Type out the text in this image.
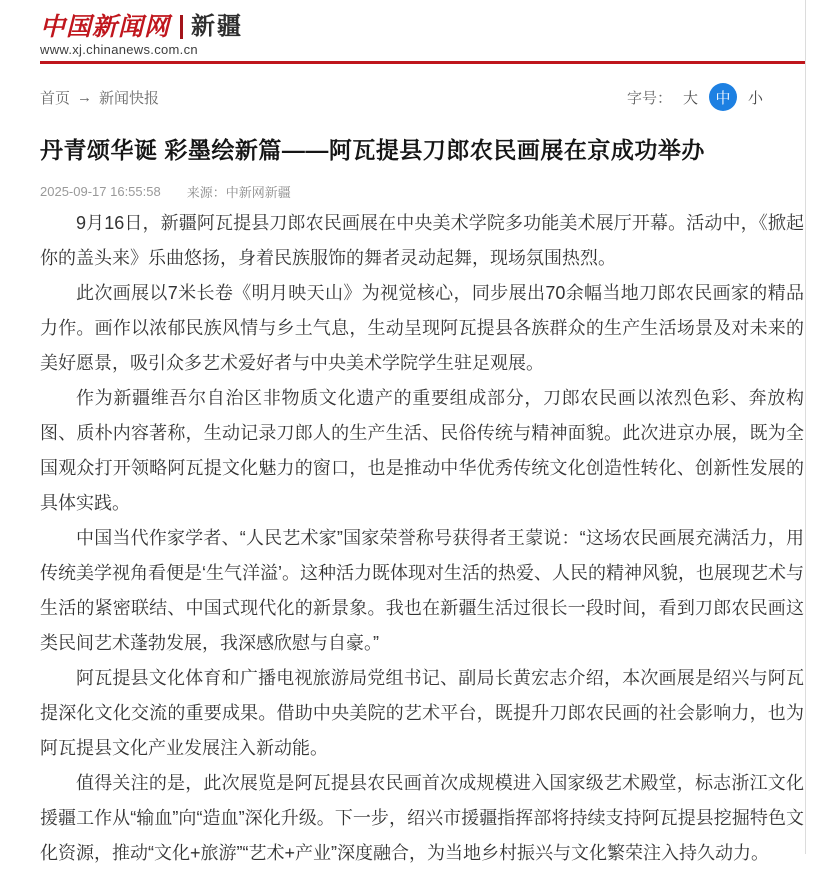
中国新闻网 新疆
www.xj.chinanews.com.cn
首页 → 新闻快报	字号： 大	中	小
丹青颂华诞 彩墨绘新篇——阿瓦提县刀郎农民画展在京成功举办
2025-09-17 16:55:58 来源：中新网新疆

9月16日，新疆阿瓦提县刀郎农民画展在中央美术学院多功能美术展厅开幕。活动中，《掀起你的盖头来》乐曲悠扬，身着民族服饰的舞者灵动起舞，现场氛围热烈。

此次画展以7米长卷《明月映天山》为视觉核心，同步展出70余幅当地刀郎农民画家的精品力作。画作以浓郁民族风情与乡土气息，生动呈现阿瓦提县各族群众的生产生活场景及对未来的美好愿景，吸引众多艺术爱好者与中央美术学院学生驻足观展。

作为新疆维吾尔自治区非物质文化遗产的重要组成部分，刀郎农民画以浓烈色彩、奔放构图、质朴内容著称，生动记录刀郎人的生产生活、民俗传统与精神面貌。此次进京办展，既为全国观众打开领略阿瓦提文化魅力的窗口，也是推动中华优秀传统文化创造性转化、创新性发展的具体实践。

中国当代作家学者、“人民艺术家”国家荣誉称号获得者王蒙说：“这场农民画展充满活力，用传统美学视角看便是‘生气洋溢’。这种活力既体现对生活的热爱、人民的精神风貌，也展现艺术与生活的紧密联结、中国式现代化的新景象。我也在新疆生活过很长一段时间，看到刀郎农民画这类民间艺术蓬勃发展，我深感欣慰与自豪。”

阿瓦提县文化体育和广播电视旅游局党组书记、副局长黄宏志介绍，本次画展是绍兴与阿瓦提深化文化交流的重要成果。借助中央美院的艺术平台，既提升刀郎农民画的社会影响力，也为阿瓦提县文化产业发展注入新动能。

值得关注的是，此次展览是阿瓦提县农民画首次成规模进入国家级艺术殿堂，标志浙江文化援疆工作从“输血”向“造血”深化升级。下一步，绍兴市援疆指挥部将持续支持阿瓦提县挖掘特色文化资源，推动“文化+旅游”“艺术+产业”深度融合，为当地乡村振兴与文化繁荣注入持久动力。
